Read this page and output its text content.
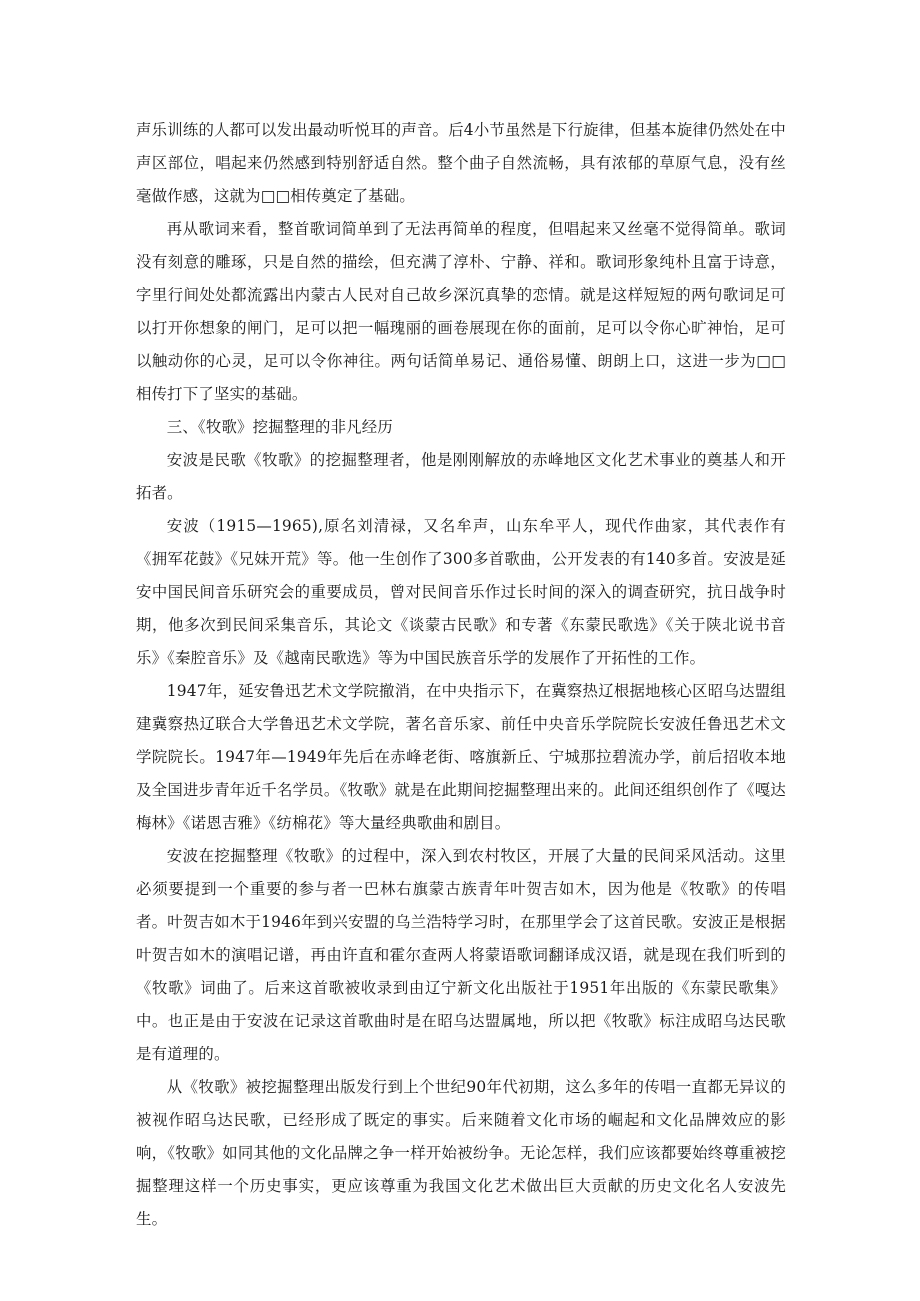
声乐训练的人都可以发出最动听悦耳的声音。后4小节虽然是下行旋律，但基本旋律仍然处在中声区部位，唱起来仍然感到特别舒适自然。整个曲子自然流畅，具有浓郁的草原气息，没有丝毫做作感，这就为□□相传奠定了基础。

再从歌词来看，整首歌词简单到了无法再简单的程度，但唱起来又丝毫不觉得简单。歌词没有刻意的雕琢，只是自然的描绘，但充满了淳朴、宁静、祥和。歌词形象纯朴且富于诗意，字里行间处处都流露出内蒙古人民对自己故乡深沉真挚的恋情。就是这样短短的两句歌词足可以打开你想象的闸门，足可以把一幅瑰丽的画卷展现在你的面前，足可以令你心旷神怡，足可以触动你的心灵，足可以令你神往。两句话简单易记、通俗易懂、朗朗上口，这进一步为□□相传打下了坚实的基础。

三、《牧歌》挖掘整理的非凡经历

安波是民歌《牧歌》的挖掘整理者，他是刚刚解放的赤峰地区文化艺术事业的奠基人和开拓者。

安波（1915—1965),原名刘清禄，又名牟声，山东牟平人，现代作曲家，其代表作有《拥军花鼓》《兄妹开荒》等。他一生创作了300多首歌曲，公开发表的有140多首。安波是延安中国民间音乐研究会的重要成员，曾对民间音乐作过长时间的深入的调查研究，抗日战争时期，他多次到民间采集音乐，其论文《谈蒙古民歌》和专著《东蒙民歌选》《关于陕北说书音乐》《秦腔音乐》及《越南民歌选》等为中国民族音乐学的发展作了开拓性的工作。

1947年，延安鲁迅艺术文学院撤消，在中央指示下，在冀察热辽根据地核心区昭乌达盟组建冀察热辽联合大学鲁迅艺术文学院，著名音乐家、前任中央音乐学院院长安波任鲁迅艺术文学院院长。1947年—1949年先后在赤峰老街、喀旗新丘、宁城那拉碧流办学，前后招收本地及全国进步青年近千名学员。《牧歌》就是在此期间挖掘整理出来的。此间还组织创作了《嘎达梅林》《诺恩吉雅》《纺棉花》等大量经典歌曲和剧目。

安波在挖掘整理《牧歌》的过程中，深入到农村牧区，开展了大量的民间采风活动。这里必须要提到一个重要的参与者一巴林右旗蒙古族青年叶贺吉如木，因为他是《牧歌》的传唱者。叶贺吉如木于1946年到兴安盟的乌兰浩特学习时，在那里学会了这首民歌。安波正是根据叶贺吉如木的演唱记谱，再由许直和霍尔查两人将蒙语歌词翻译成汉语，就是现在我们听到的《牧歌》词曲了。后来这首歌被收录到由辽宁新文化出版社于1951年出版的《东蒙民歌集》中。也正是由于安波在记录这首歌曲时是在昭乌达盟属地，所以把《牧歌》标注成昭乌达民歌是有道理的。

从《牧歌》被挖掘整理出版发行到上个世纪90年代初期，这么多年的传唱一直都无异议的被视作昭乌达民歌，已经形成了既定的事实。后来随着文化市场的崛起和文化品牌效应的影响，《牧歌》如同其他的文化品牌之争一样开始被纷争。无论怎样，我们应该都要始终尊重被挖掘整理这样一个历史事实，更应该尊重为我国文化艺术做出巨大贡献的历史文化名人安波先生。
